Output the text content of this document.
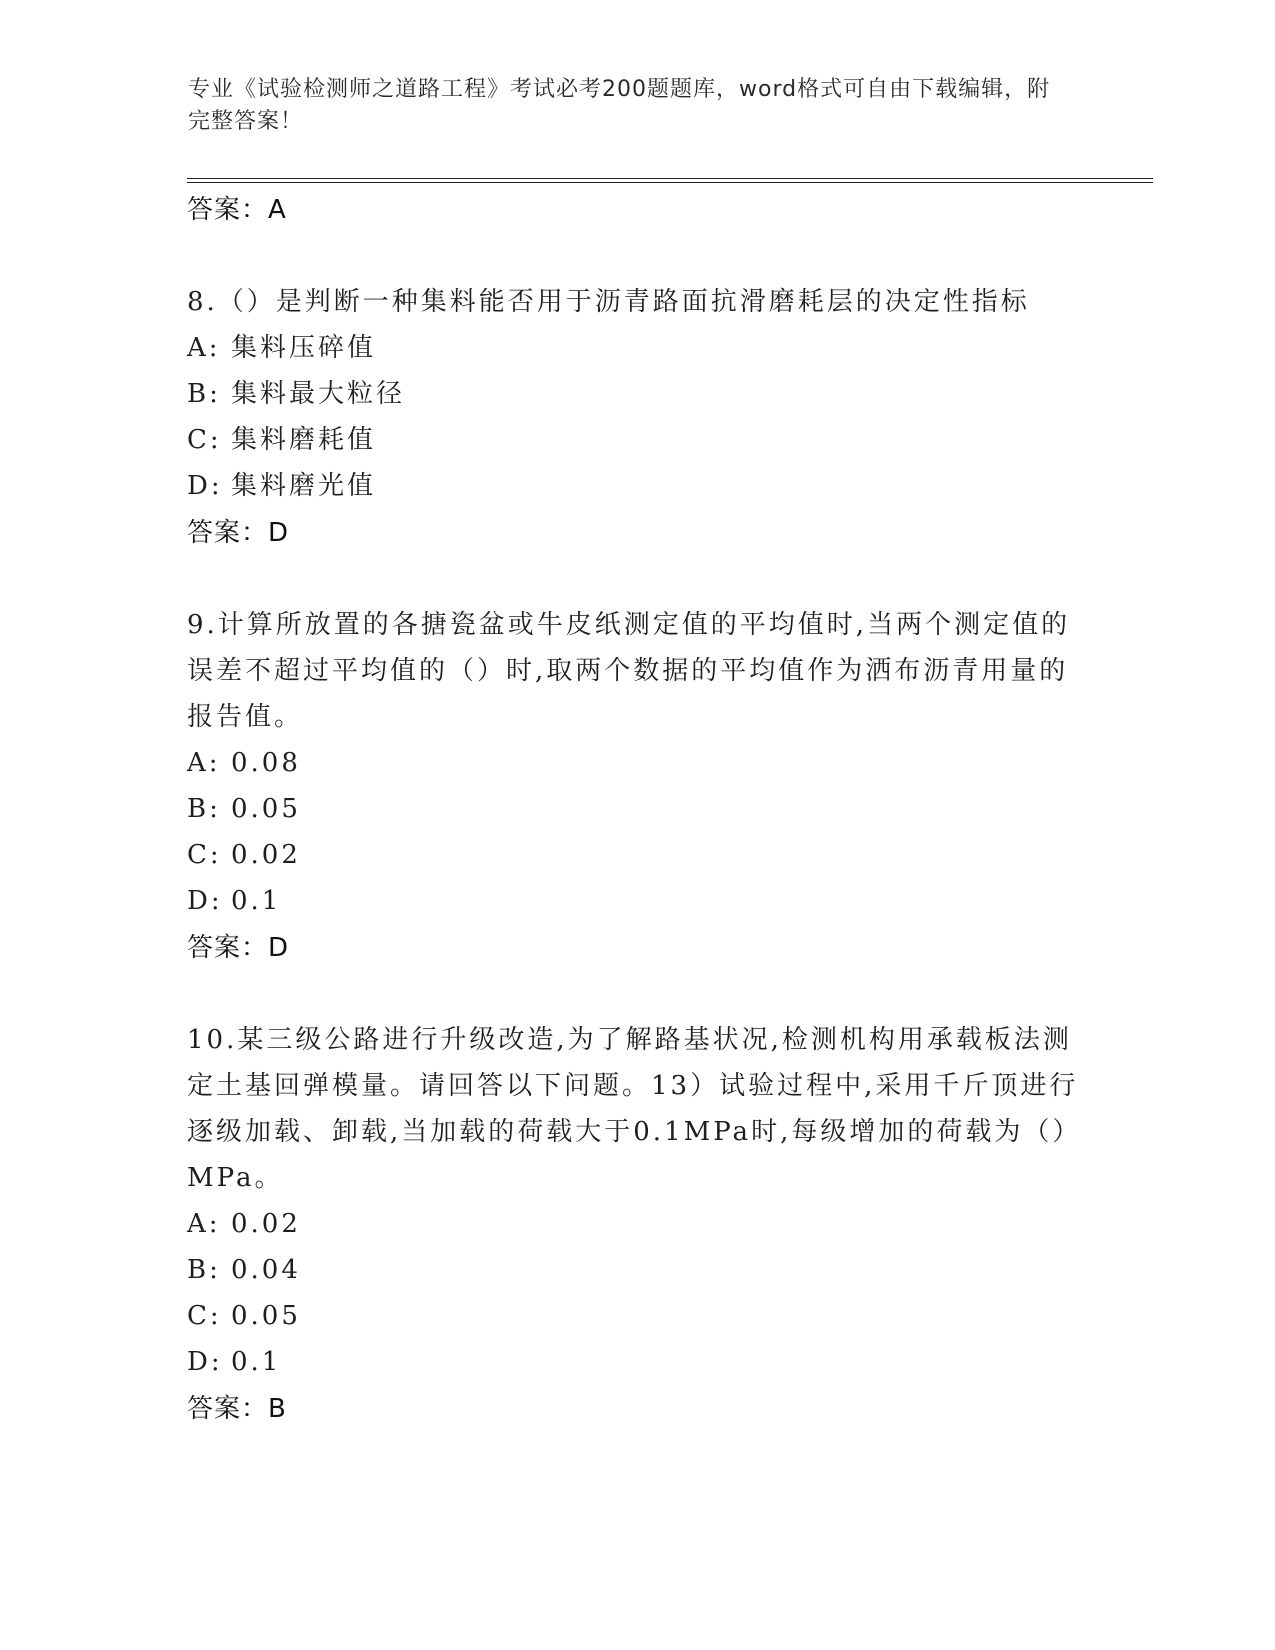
专业《试验检测师之道路工程》考试必考200题题库，word格式可自由下载编辑，附完整答案！
答案：A
8.（）是判断一种集料能否用于沥青路面抗滑磨耗层的决定性指标
A: 集料压碎值
B: 集料最大粒径
C: 集料磨耗值
D: 集料磨光值
答案：D
9.计算所放置的各搪瓷盆或牛皮纸测定值的平均值时,当两个测定值的误差不超过平均值的（）时,取两个数据的平均值作为洒布沥青用量的报告值。
A: 0.08
B: 0.05
C: 0.02
D: 0.1
答案：D
10.某三级公路进行升级改造,为了解路基状况,检测机构用承载板法测定土基回弹模量。请回答以下问题。13）试验过程中,采用千斤顶进行逐级加载、卸载,当加载的荷载大于0.1MPa时,每级增加的荷载为（）MPa。
A: 0.02
B: 0.04
C: 0.05
D: 0.1
答案：B
